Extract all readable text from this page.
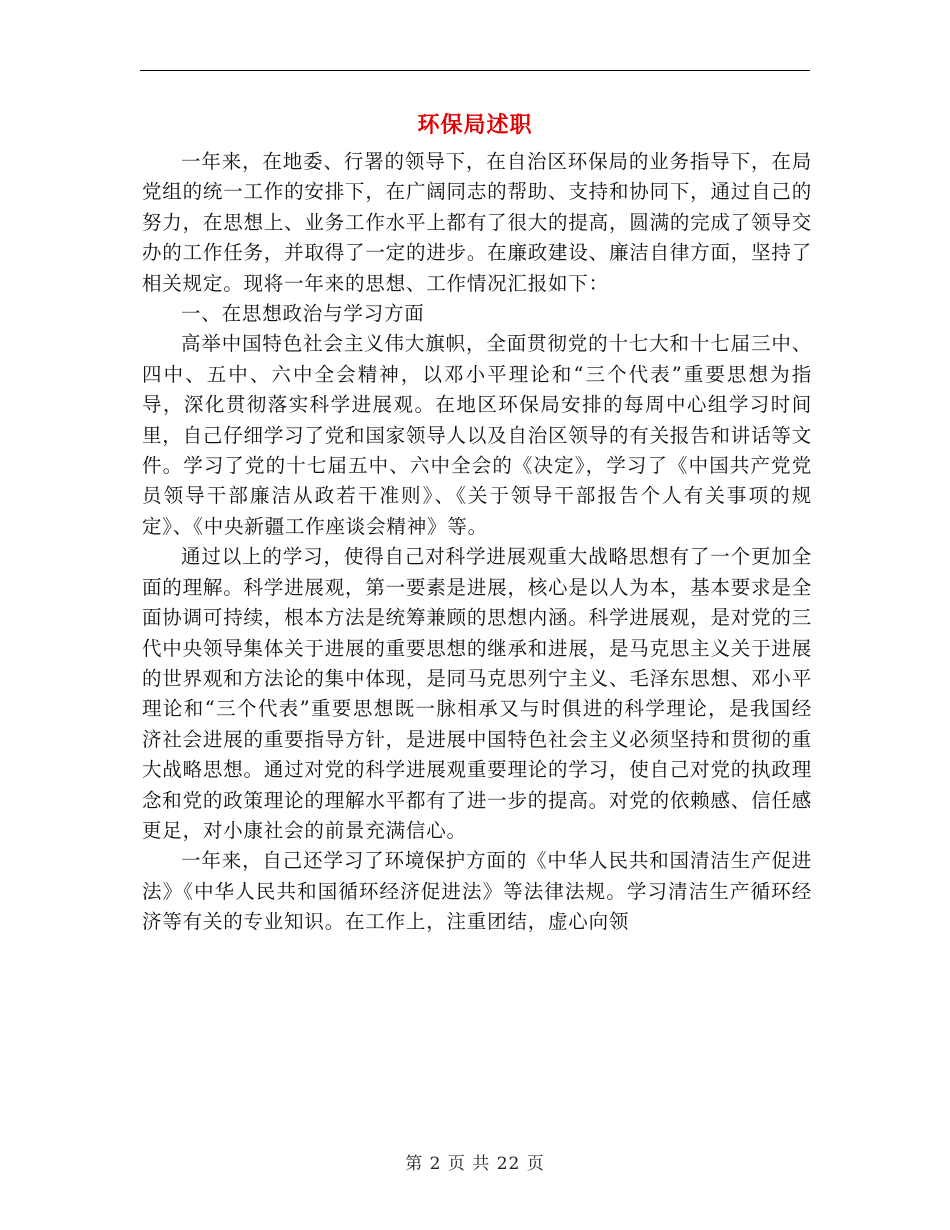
环保局述职

一年来，在地委、行署的领导下，在自治区环保局的业务指导下，在局党组的统一工作的安排下，在广阔同志的帮助、支持和协同下，通过自己的努力，在思想上、业务工作水平上都有了很大的提高，圆满的完成了领导交办的工作任务，并取得了一定的进步。在廉政建设、廉洁自律方面，坚持了相关规定。现将一年来的思想、工作情况汇报如下：

一、在思想政治与学习方面

高举中国特色社会主义伟大旗帜，全面贯彻党的十七大和十七届三中、四中、五中、六中全会精神，以邓小平理论和“三个代表”重要思想为指导，深化贯彻落实科学进展观。在地区环保局安排的每周中心组学习时间里，自己仔细学习了党和国家领导人以及自治区领导的有关报告和讲话等文件。学习了党的十七届五中、六中全会的《决定》，学习了《中国共产党党员领导干部廉洁从政若干准则》、《关于领导干部报告个人有关事项的规定》、《中央新疆工作座谈会精神》等。

通过以上的学习，使得自己对科学进展观重大战略思想有了一个更加全面的理解。科学进展观，第一要素是进展，核心是以人为本，基本要求是全面协调可持续，根本方法是统筹兼顾的思想内涵。科学进展观，是对党的三代中央领导集体关于进展的重要思想的继承和进展，是马克思主义关于进展的世界观和方法论的集中体现，是同马克思列宁主义、毛泽东思想、邓小平理论和“三个代表”重要思想既一脉相承又与时俱进的科学理论，是我国经济社会进展的重要指导方针，是进展中国特色社会主义必须坚持和贯彻的重大战略思想。通过对党的科学进展观重要理论的学习，使自己对党的执政理念和党的政策理论的理解水平都有了进一步的提高。对党的依赖感、信任感更足，对小康社会的前景充满信心。

一年来，自己还学习了环境保护方面的《中华人民共和国清洁生产促进法》《中华人民共和国循环经济促进法》等法律法规。学习清洁生产循环经济等有关的专业知识。在工作上，注重团结，虚心向领

第 2 页 共 22 页
